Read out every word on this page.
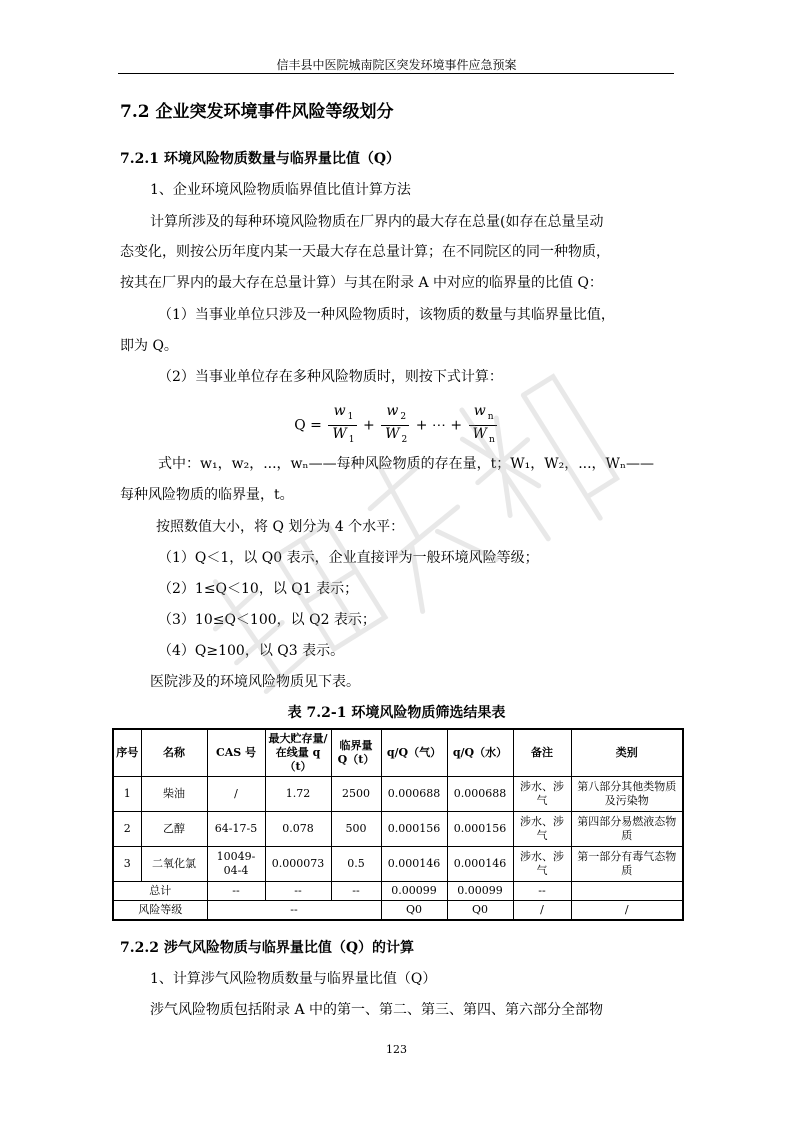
信丰县中医院城南院区突发环境事件应急预案
7.2 企业突发环境事件风险等级划分
7.2.1 环境风险物质数量与临界量比值（Q）
1、企业环境风险物质临界值比值计算方法
计算所涉及的每种环境风险物质在厂界内的最大存在总量(如存在总量呈动
态变化，则按公历年度内某一天最大存在总量计算；在不同院区的同一种物质，
按其在厂界内的最大存在总量计算）与其在附录 A 中对应的临界量的比值 Q：
（1）当事业单位只涉及一种风险物质时，该物质的数量与其临界量比值，
即为 Q。
（2）当事业单位存在多种风险物质时，则按下式计算：
$Q = \frac{w _1}{W _1} + \frac{w _2}{W _2}$ + ⋯ + $\frac{w _n}{W _n}$
式中：w₁，w₂，...，wₙ——每种风险物质的存在量，t；W₁，W₂，...，Wₙ——
每种风险物质的临界量，t。
按照数值大小，将 Q 划分为 4 个水平：
（1）Q＜1，以 Q0 表示，企业直接评为一般环境风险等级；
（2）1≤Q＜10，以 Q1 表示；
（3）10≤Q＜100，以 Q2 表示；
（4）Q≥100，以 Q3 表示。
医院涉及的环境风险物质见下表。
表 7.2-1 环境风险物质筛选结果表
序号	名称	CAS 号	最大贮存量/在线量 q（t）	临界量 Q（t）	q/Q（气）	q/Q（水）	备注	类别
1	柴油	/	1.72	2500	0.000688	0.000688	涉水、涉气	第八部分其他类物质及污染物
2	乙醇	64-17-5	0.078	500	0.000156	0.000156	涉水、涉气	第四部分易燃液态物质
3	二氧化氯	10049-04-4	0.000073	0.5	0.000146	0.000146	涉水、涉气	第一部分有毒气态物质
总计		--	--	--	0.00099	0.00099	--	
风险等级		--			Q0	Q0	/	/
7.2.2 涉气风险物质与临界量比值（Q）的计算
1、计算涉气风险物质数量与临界量比值（Q）
涉气风险物质包括附录 A 中的第一、第二、第三、第四、第六部分全部物
123
